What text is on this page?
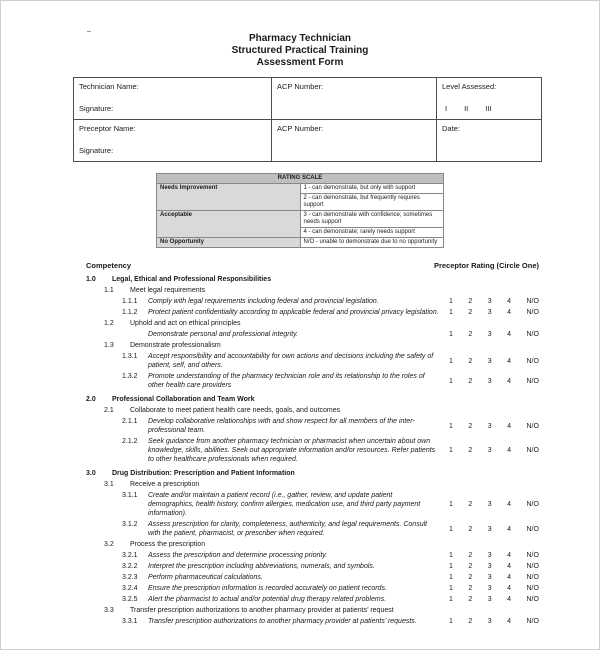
Pharmacy Technician
Structured Practical Training
Assessment Form
Technician Name:
Signature:
	ACP Number:	Level Assessed:
I II III

Preceptor Name:
Signature:	ACP Number:	Date:
RATING SCALE	
Needs Improvement	1 - can demonstrate, but only with support
	2 - can demonstrate, but frequently requires support
Acceptable	3 - can demonstrate with confidence; sometimes needs support
	4 - can demonstrate; rarely needs support
No Opportunity	N/O - unable to demonstrate due to no opportunity
Competency	Preceptor Rating (Circle One)
1.0	Legal, Ethical and Professional Responsibilities
1.1	Meet legal requirements
1.1.1	Comply with legal requirements including federal and provincial legislation.	1 2 3 4 N/O
1.1.2	Protect patient confidentiality according to applicable federal and provincial privacy legislation. 1 2 3 4 N/O
1.2	Uphold and act on ethical principles
Demonstrate personal and professional integrity.	1 2 3 4 N/O
1.3	Demonstrate professionalism
1.3.1	Accept responsibility and accountability for own actions and decisions including the safety of patient, self, and others.
1 2 3 4 N/O
1.3.2	Promote understanding of the pharmacy technician role and its relationship to the roles of other health care providers
1 2 3 4 N/O
2.0	Professional Collaboration and Team Work
2.1	Collaborate to meet patient health care needs, goals, and outcomes
2.1.1	Develop collaborative relationships with and show respect for all members of the inter-professional team.
1 2 3 4 N/O
2.1.2	Seek guidance from another pharmacy technician or pharmacist when uncertain about own knowledge, skills, abilities. Seek out appropriate information and/or resources. Refer patients to other healthcare professionals when required.
1 2 3 4 N/O
3.0	Drug Distribution: Prescription and Patient Information
3.1	Receive a prescription
3.1.1	Create and/or maintain a patient record (i.e., gather, review, and update patient demographics, health history, confirm allergies, medication use, and third party payment information).
1 2 3 4 N/O
3.1.2	Assess prescription for clarity, completeness, authenticity, and legal requirements. Consult with the patient, pharmacist, or prescriber when required.
1 2 3 4 N/O
3.2	Process the prescription
3.2.1	Assess the prescription and determine processing priority.	1 2 3 4 N/O
3.2.2	Interpret the prescription including abbreviations, numerals, and symbols.	1 2 3 4 N/O
3.2.3	Perform pharmaceutical calculations.	1 2 3 4 N/O
3.2.4	Ensure the prescription information is recorded accurately on patient records.	1 2 3 4 N/O
3.2.5	Alert the pharmacist to actual and/or potential drug therapy related problems.	1 2 3 4 N/O
3.3	Transfer prescription authorizations to another pharmacy provider at patients’ request
3.3.1	Transfer prescription authorizations to another pharmacy provider at patients’ requests.	1 2 3 4 N/O
